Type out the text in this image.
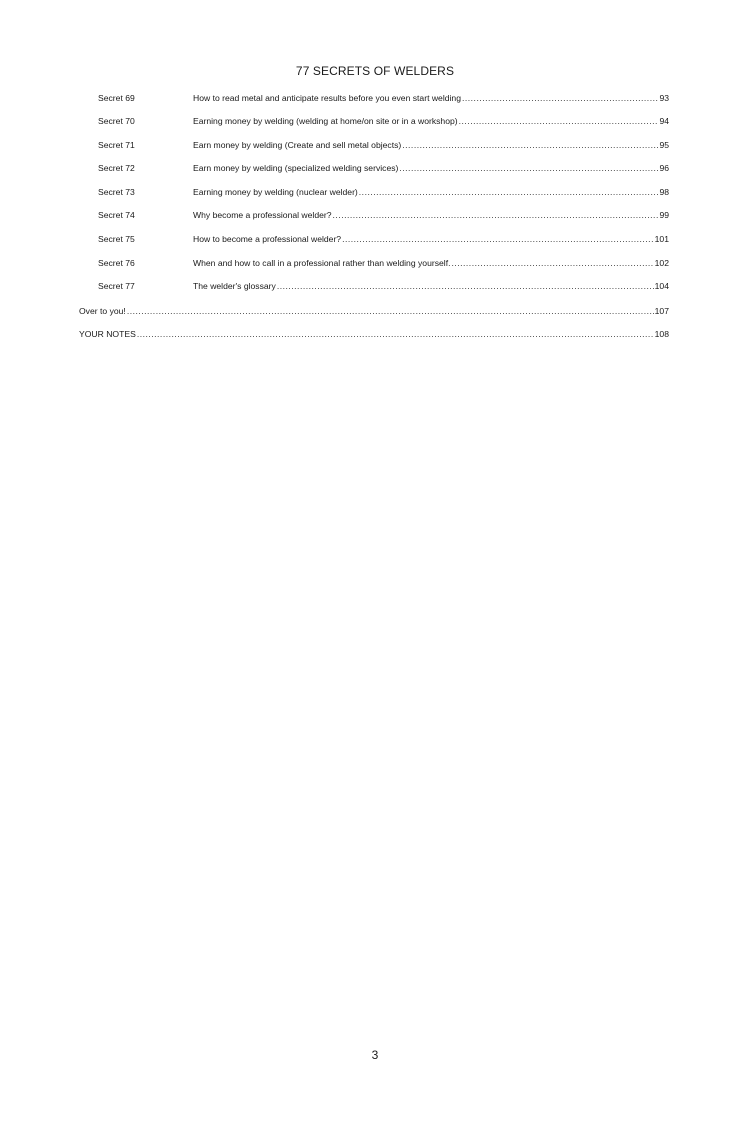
77 SECRETS OF WELDERS
Secret 69	How to read metal and anticipate results before you even start welding .....	93
Secret 70	Earning money by welding (welding at home/on site or in a workshop) .....	94
Secret 71	Earn money by welding (Create and sell metal objects) .....	95
Secret 72	Earn money by welding (specialized welding services) .....	96
Secret 73	Earning money by welding (nuclear welder) .....	98
Secret 74	Why become a professional welder? .....	99
Secret 75	How to become a professional welder? .....	101
Secret 76	When and how to call in a professional rather than welding yourself. .....	102
Secret 77	The welder's glossary .....	104
Over to you! .....	107
YOUR NOTES .....	108
3
